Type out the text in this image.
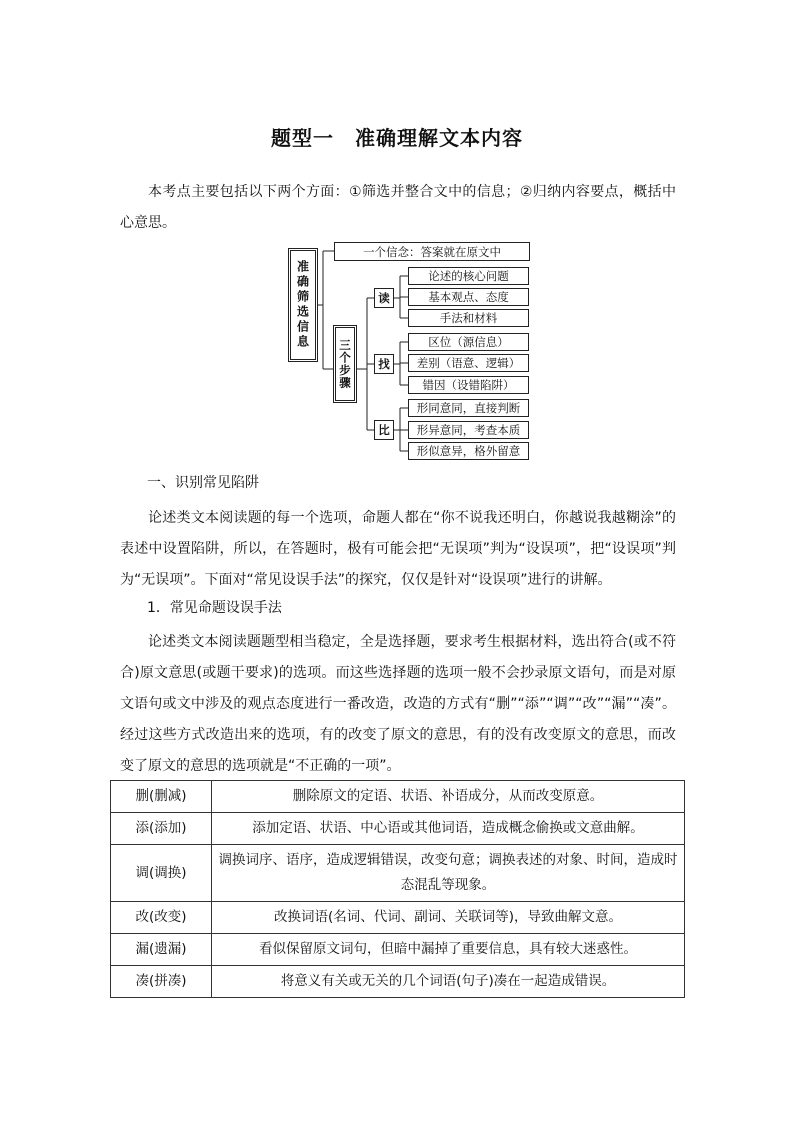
题型一　准确理解文本内容

本考点主要包括以下两个方面：①筛选并整合文中的信息；②归纳内容要点，概括中心意思。

准确筛选信息
一个信念：答案就在原文中
三个步骤
读
找
比
论述的核心问题
基本观点、态度
手法和材料
区位（源信息）
差别（语意、逻辑）
错因（设错陷阱）
形同意同，直接判断
形异意同，考查本质
形似意异，格外留意
一、识别常见陷阱

论述类文本阅读题的每一个选项，命题人都在“你不说我还明白，你越说我越糊涂”的表述中设置陷阱，所以，在答题时，极有可能会把“无误项”判为“设误项”，把“设误项”判为“无误项”。下面对“常见设误手法”的探究，仅仅是针对“设误项”进行的讲解。

1．常见命题设误手法

论述类文本阅读题题型相当稳定，全是选择题，要求考生根据材料，选出符合(或不符合)原文意思(或题干要求)的选项。而这些选择题的选项一般不会抄录原文语句，而是对原文语句或文中涉及的观点态度进行一番改造，改造的方式有“删”“添”“调”“改”“漏”“凑”。经过这些方式改造出来的选项，有的改变了原文的意思，有的没有改变原文的意思，而改变了原文的意思的选项就是“不正确的一项”。

删(删减)	删除原文的定语、状语、补语成分，从而改变原意。
添(添加)	添加定语、状语、中心语或其他词语，造成概念偷换或文意曲解。
调(调换)	调换词序、语序，造成逻辑错误，改变句意；调换表述的对象、时间，造成时态混乱等现象。
改(改变)	改换词语(名词、代词、副词、关联词等)，导致曲解文意。
漏(遗漏)	看似保留原文词句，但暗中漏掉了重要信息，具有较大迷惑性。
凑(拼凑)	将意义有关或无关的几个词语(句子)凑在一起造成错误。
